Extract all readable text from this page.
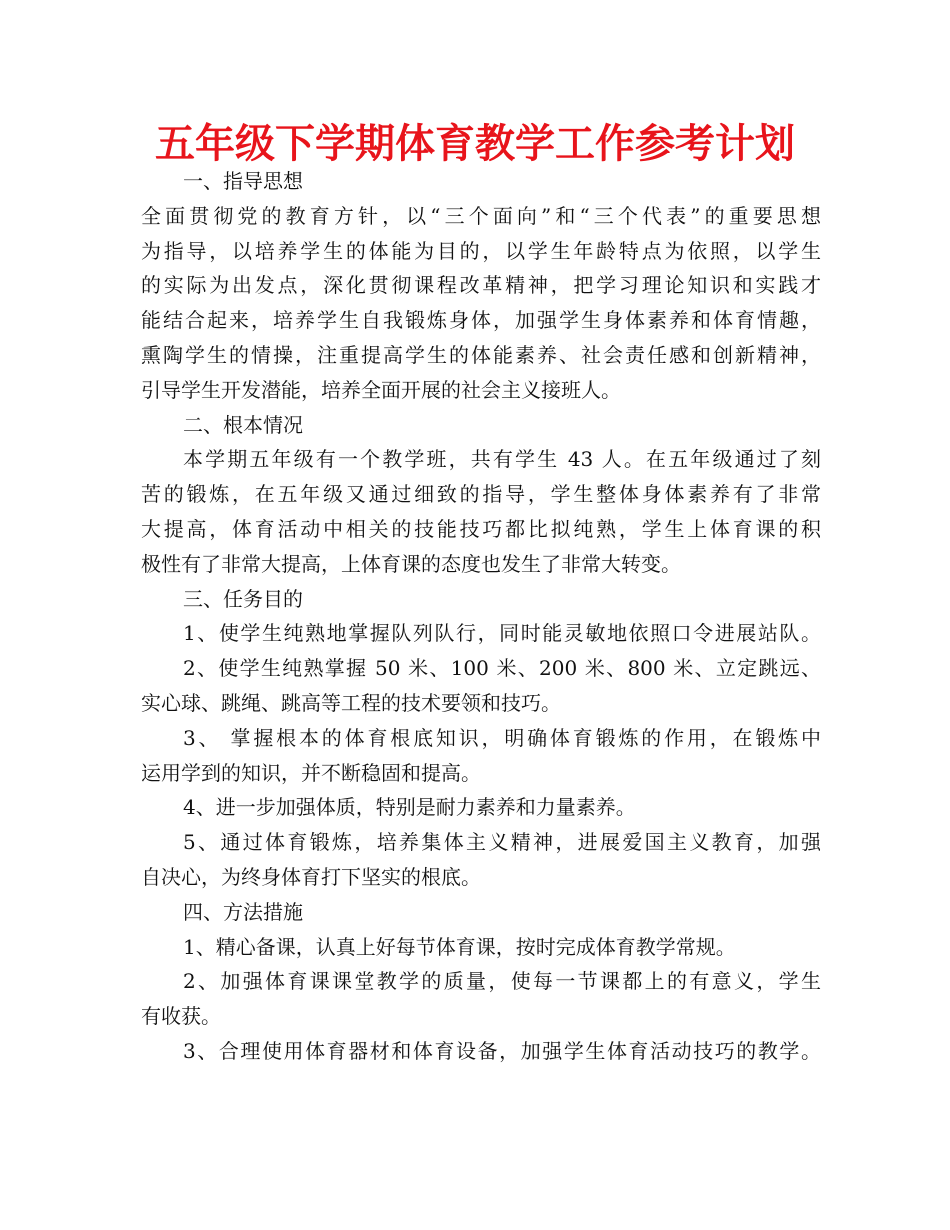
五年级下学期体育教学工作参考计划
一、指导思想
全面贯彻党的教育方针，以“三个面向”和“三个代表”的重要思想
为指导，以培养学生的体能为目的，以学生年龄特点为依照，以学生
的实际为出发点，深化贯彻课程改革精神，把学习理论知识和实践才
能结合起来，培养学生自我锻炼身体，加强学生身体素养和体育情趣，
熏陶学生的情操，注重提高学生的体能素养、社会责任感和创新精神，
引导学生开发潜能，培养全面开展的社会主义接班人。
二、根本情况
本学期五年级有一个教学班，共有学生 43 人。在五年级通过了刻
苦的锻炼，在五年级又通过细致的指导，学生整体身体素养有了非常
大提高，体育活动中相关的技能技巧都比拟纯熟，学生上体育课的积
极性有了非常大提高，上体育课的态度也发生了非常大转变。
三、任务目的
1、使学生纯熟地掌握队列队行，同时能灵敏地依照口令进展站队。
2、使学生纯熟掌握 50 米、100 米、200 米、800 米、立定跳远、
实心球、跳绳、跳高等工程的技术要领和技巧。
3、 掌握根本的体育根底知识，明确体育锻炼的作用，在锻炼中
运用学到的知识，并不断稳固和提高。
4、进一步加强体质，特别是耐力素养和力量素养。
5、通过体育锻炼，培养集体主义精神，进展爱国主义教育，加强
自决心，为终身体育打下坚实的根底。
四、方法措施
1、精心备课，认真上好每节体育课，按时完成体育教学常规。
2、加强体育课课堂教学的质量，使每一节课都上的有意义，学生
有收获。
3、合理使用体育器材和体育设备，加强学生体育活动技巧的教学。
